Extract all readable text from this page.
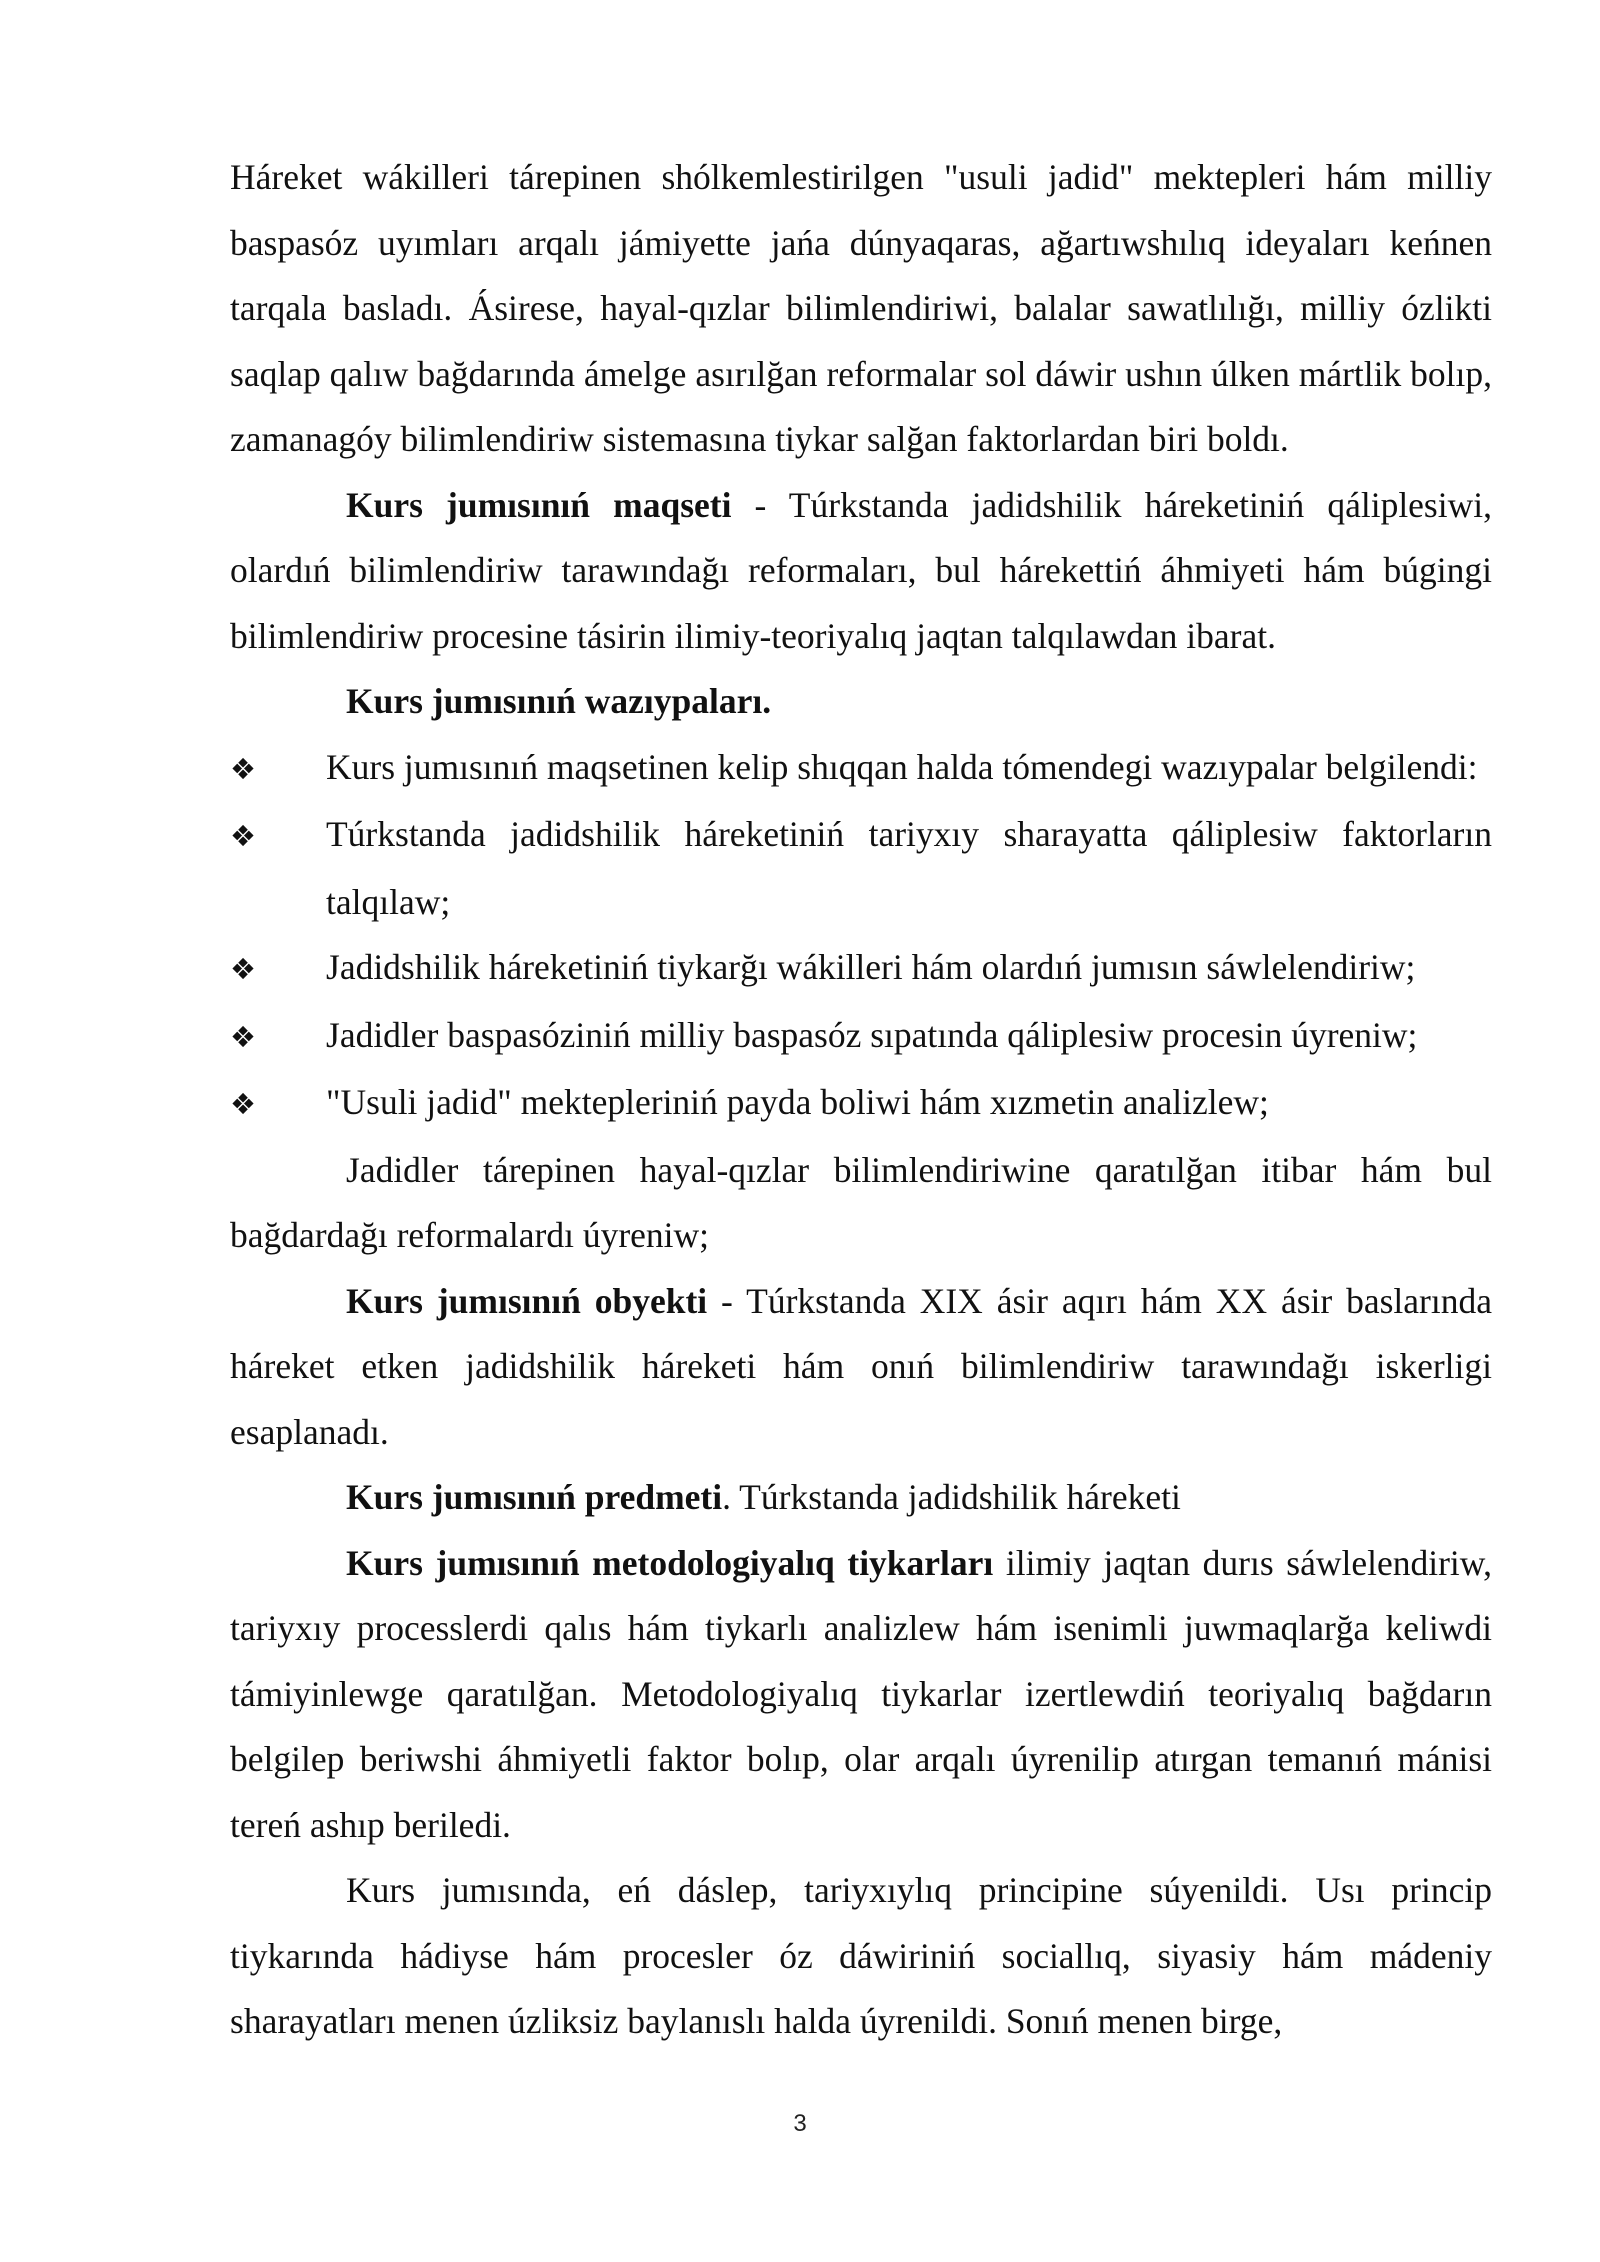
Háreket wákilleri tárepinen shólkemlestirilgen "usuli jadid" mektepleri hám milliy baspasóz uyımları arqalı jámiyette jańa dúnyaqaras, ağartıwshılıq ideyaları keńnen tarqala basladı. Ásirese, hayal-qızlar bilimlendiriwi, balalar sawatlılığı, milliy ózlikti saqlap qalıw bağdarında ámelge asırılğan reformalar sol dáwir ushın úlken mártlik bolıp, zamanagóy bilimlendiriw sistemasına tiykar salğan faktorlardan biri boldı.

Kurs jumısınıń maqseti - Túrkstanda jadidshilik háreketiniń qáliplesiwi, olardıń bilimlendiriw tarawındağı reformaları, bul hárekettiń áhmiyeti hám búgingi bilimlendiriw procesine tásirin ilimiy-teoriyalıq jaqtan talqılawdan ibarat.

Kurs jumısınıń wazıypaları.

❖ Kurs jumısınıń maqsetinen kelip shıqqan halda tómendegi wazıypalar belgilendi:

❖ Túrkstanda jadidshilik háreketiniń tariyxıy sharayatta qáliplesiw faktorların talqılaw;

❖ Jadidshilik háreketiniń tiykarğı wákilleri hám olardıń jumısın sáwlelendiriw;

❖ Jadidler baspasóziniń milliy baspasóz sıpatında qáliplesiw procesin úyreniw;

❖ "Usuli jadid" mektepleriniń payda boliwi hám xızmetin analizlew;

Jadidler tárepinen hayal-qızlar bilimlendiriwine qaratılğan itibar hám bul bağdardağı reformalardı úyreniw;

Kurs jumısınıń obyekti - Túrkstanda XIX ásir aqırı hám XX ásir baslarında háreket etken jadidshilik háreketi hám onıń bilimlendiriw tarawındağı iskerligi esaplanadı.

Kurs jumısınıń predmeti. Túrkstanda jadidshilik háreketi

Kurs jumısınıń metodologiyalıq tiykarları ilimiy jaqtan durıs sáwlelendiriw, tariyxıy processlerdi qalıs hám tiykarlı analizlew hám isenimli juwmaqlarğa keliwdi támiyinlewge qaratılğan. Metodologiyalıq tiykarlar izertlewdiń teoriyalıq bağdarın belgilep beriwshi áhmiyetli faktor bolıp, olar arqalı úyrenilip atırgan temanıń mánisi tereń ashıp beriledi.

Kurs jumısında, eń dáslep, tariyxıylıq principine súyenildi. Usı princip tiykarında hádiyse hám procesler óz dáwiriniń sociallıq, siyasiy hám mádeniy sharayatları menen úzliksiz baylanıslı halda úyrenildi. Sonıń menen birge,

3
